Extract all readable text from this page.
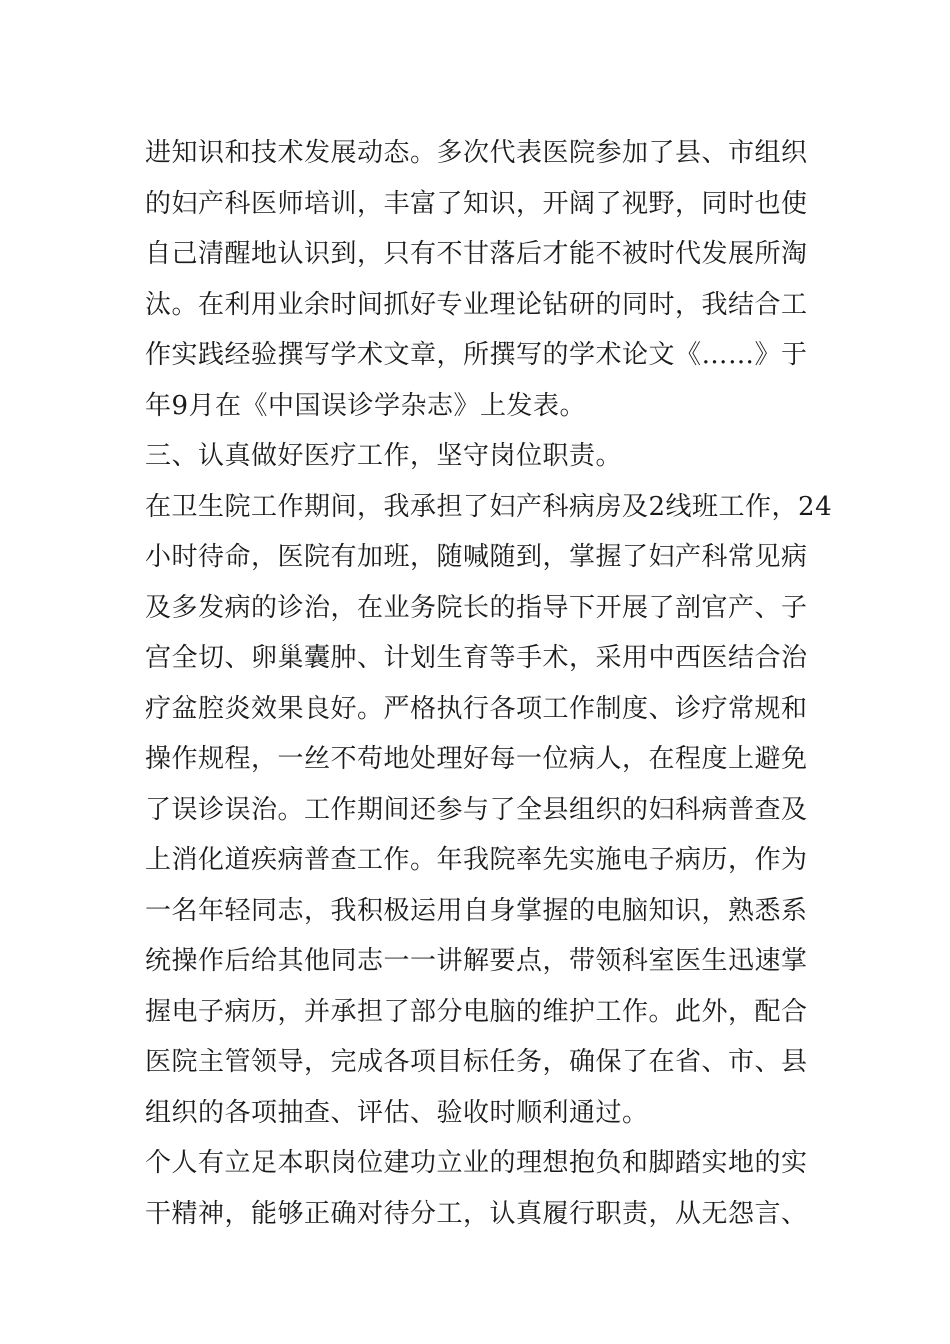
进知识和技术发展动态。多次代表医院参加了县、市组织
的妇产科医师培训，丰富了知识，开阔了视野，同时也使
自己清醒地认识到，只有不甘落后才能不被时代发展所淘
汰。在利用业余时间抓好专业理论钻研的同时，我结合工
作实践经验撰写学术文章，所撰写的学术论文《……》于
年9月在《中国误诊学杂志》上发表。
三、认真做好医疗工作，坚守岗位职责。
在卫生院工作期间，我承担了妇产科病房及2线班工作，24
小时待命，医院有加班，随喊随到，掌握了妇产科常见病
及多发病的诊治，在业务院长的指导下开展了剖官产、子
宫全切、卵巢囊肿、计划生育等手术，采用中西医结合治
疗盆腔炎效果良好。严格执行各项工作制度、诊疗常规和
操作规程，一丝不苟地处理好每一位病人，在程度上避免
了误诊误治。工作期间还参与了全县组织的妇科病普查及
上消化道疾病普查工作。年我院率先实施电子病历，作为
一名年轻同志，我积极运用自身掌握的电脑知识，熟悉系
统操作后给其他同志一一讲解要点，带领科室医生迅速掌
握电子病历，并承担了部分电脑的维护工作。此外，配合
医院主管领导，完成各项目标任务，确保了在省、市、县
组织的各项抽查、评估、验收时顺利通过。
个人有立足本职岗位建功立业的理想抱负和脚踏实地的实
干精神，能够正确对待分工，认真履行职责，从无怨言、
